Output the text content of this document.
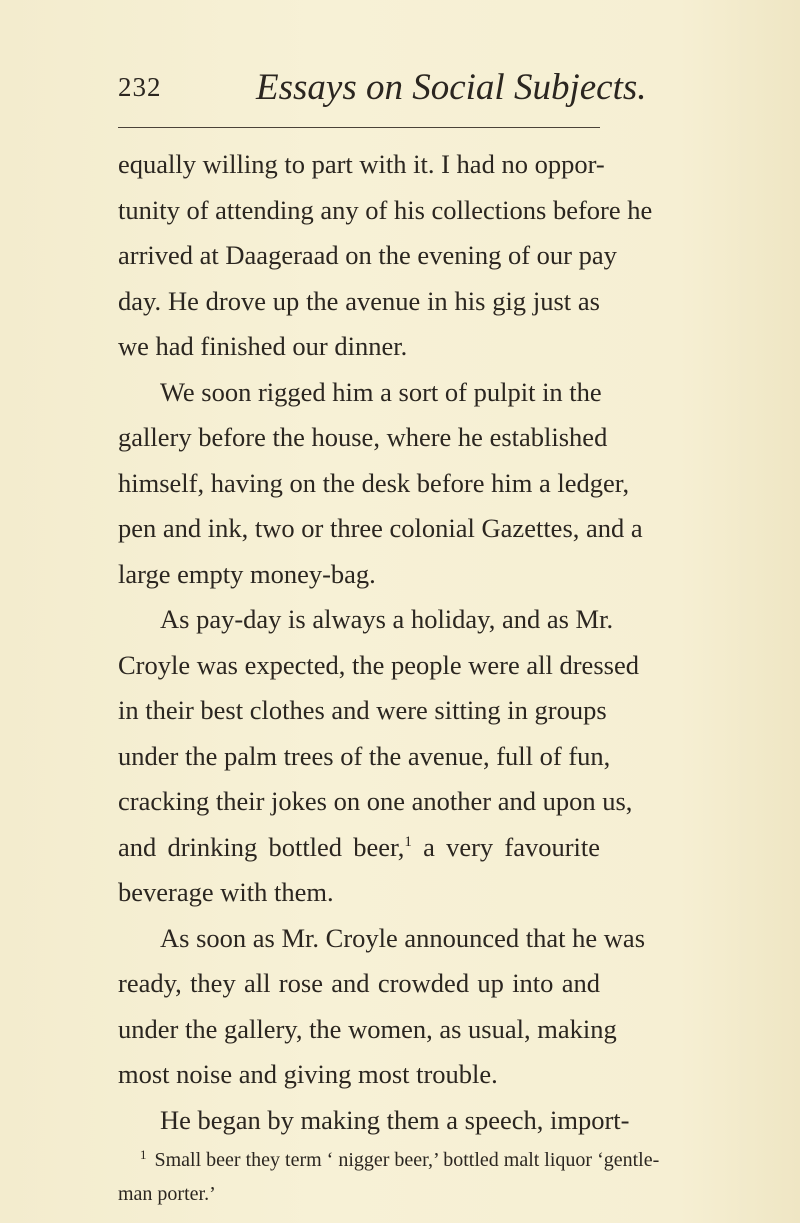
232	Essays on Social Subjects.
equally willing to part with it. I had no oppor-
tunity of attending any of his collections before he
arrived at Daageraad on the evening of our pay
day. He drove up the avenue in his gig just as
we had finished our dinner.
We soon rigged him a sort of pulpit in the
gallery before the house, where he established
himself, having on the desk before him a ledger,
pen and ink, two or three colonial Gazettes, and a
large empty money-bag.
As pay-day is always a holiday, and as Mr.
Croyle was expected, the people were all dressed
in their best clothes and were sitting in groups
under the palm trees of the avenue, full of fun,
cracking their jokes on one another and upon us,
and drinking bottled beer,$^1$ a very favourite
beverage with them.
As soon as Mr. Croyle announced that he was
ready, they all rose and crowded up into and
under the gallery, the women, as usual, making
most noise and giving most trouble.
He began by making them a speech, import-
$^1$ Small beer they term ‘ nigger beer,’ bottled malt liquor ‘gentle-
man porter.’
